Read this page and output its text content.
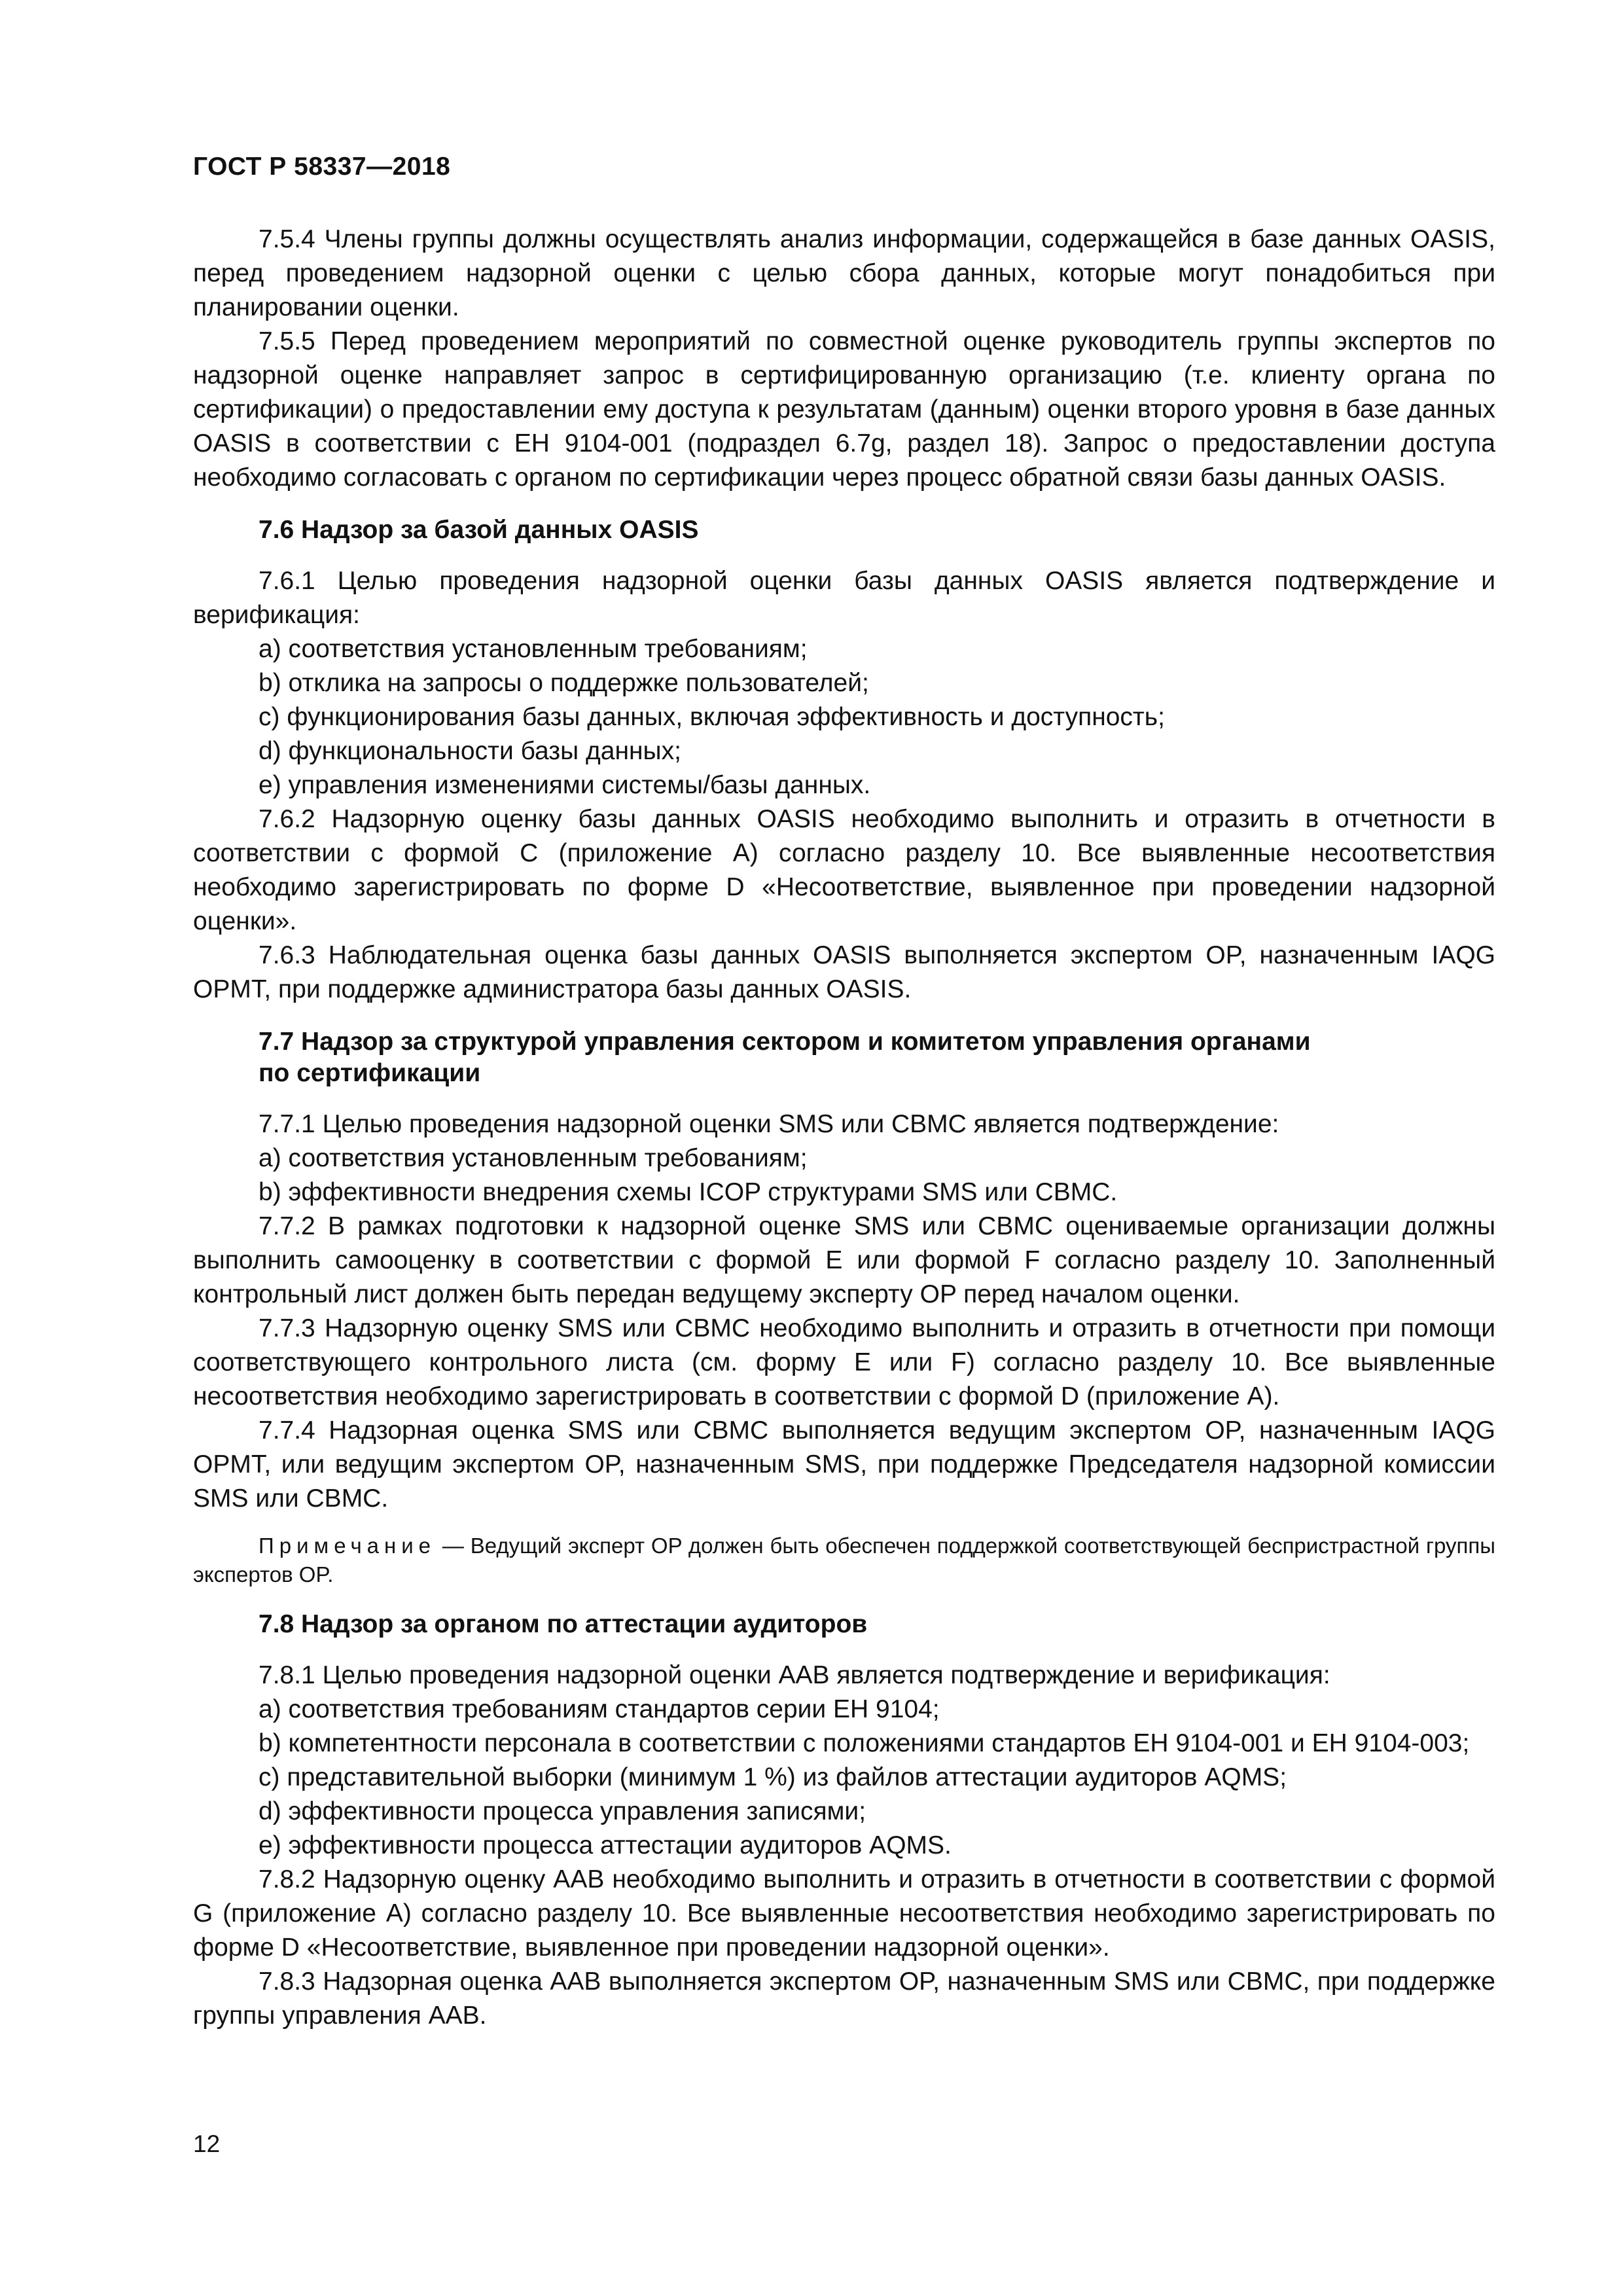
ГОСТ Р 58337—2018

7.5.4 Члены группы должны осуществлять анализ информации, содержащейся в базе данных OASIS, перед проведением надзорной оценки с целью сбора данных, которые могут понадобиться при планировании оценки.

7.5.5 Перед проведением мероприятий по совместной оценке руководитель группы экспертов по надзорной оценке направляет запрос в сертифицированную организацию (т.е. клиенту органа по сертификации) о предоставлении ему доступа к результатам (данным) оценки второго уровня в базе данных OASIS в соответствии с ЕН 9104-001 (подраздел 6.7g, раздел 18). Запрос о предоставлении доступа необходимо согласовать с органом по сертификации через процесс обратной связи базы данных OASIS.

7.6 Надзор за базой данных OASIS

7.6.1 Целью проведения надзорной оценки базы данных OASIS является подтверждение и верификация:

a) соответствия установленным требованиям;

b) отклика на запросы о поддержке пользователей;

c) функционирования базы данных, включая эффективность и доступность;

d) функциональности базы данных;

e) управления изменениями системы/базы данных.

7.6.2 Надзорную оценку базы данных OASIS необходимо выполнить и отразить в отчетности в соответствии с формой С (приложение А) согласно разделу 10. Все выявленные несоответствия необходимо зарегистрировать по форме D «Несоответствие, выявленное при проведении надзорной оценки».

7.6.3 Наблюдательная оценка базы данных OASIS выполняется экспертом OP, назначенным IAQG OPMT, при поддержке администратора базы данных OASIS.

7.7 Надзор за структурой управления сектором и комитетом управления органами
по сертификации

7.7.1 Целью проведения надзорной оценки SMS или СВМС является подтверждение:

a) соответствия установленным требованиям;

b) эффективности внедрения схемы ICOP структурами SMS или СВМС.

7.7.2 В рамках подготовки к надзорной оценке SMS или СВМС оцениваемые организации должны выполнить самооценку в соответствии с формой Е или формой F согласно разделу 10. Заполненный контрольный лист должен быть передан ведущему эксперту OP перед началом оценки.

7.7.3 Надзорную оценку SMS или СВМС необходимо выполнить и отразить в отчетности при помощи соответствующего контрольного листа (см. форму Е или F) согласно разделу 10. Все выявленные несоответствия необходимо зарегистрировать в соответствии с формой D (приложение А).

7.7.4 Надзорная оценка SMS или СВМС выполняется ведущим экспертом OP, назначенным IAQG OPMT, или ведущим экспертом OP, назначенным SMS, при поддержке Председателя надзорной комиссии SMS или СВМС.

Примечание — Ведущий эксперт OP должен быть обеспечен поддержкой соответствующей беспристрастной группы экспертов OP.

7.8 Надзор за органом по аттестации аудиторов

7.8.1 Целью проведения надзорной оценки ААВ является подтверждение и верификация:

a) соответствия требованиям стандартов серии ЕН 9104;

b) компетентности персонала в соответствии с положениями стандартов ЕН 9104-001 и ЕН 9104-003;

c) представительной выборки (минимум 1 %) из файлов аттестации аудиторов AQMS;

d) эффективности процесса управления записями;

e) эффективности процесса аттестации аудиторов AQMS.

7.8.2 Надзорную оценку ААВ необходимо выполнить и отразить в отчетности в соответствии с формой G (приложение А) согласно разделу 10. Все выявленные несоответствия необходимо зарегистрировать по форме D «Несоответствие, выявленное при проведении надзорной оценки».

7.8.3 Надзорная оценка ААВ выполняется экспертом OP, назначенным SMS или СВМС, при поддержке группы управления ААВ.

12
